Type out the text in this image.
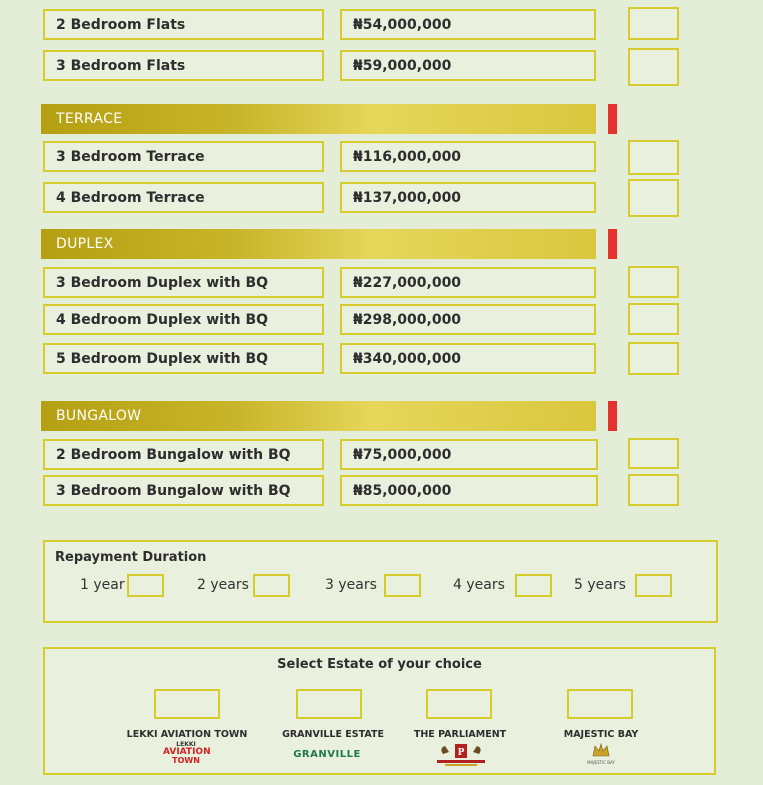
2 Bedroom Flats	₦54,000,000
3 Bedroom Flats	₦59,000,000
TERRACE
3 Bedroom Terrace	₦116,000,000
4 Bedroom Terrace	₦137,000,000
DUPLEX
3 Bedroom Duplex with BQ	₦227,000,000
4 Bedroom Duplex with BQ	₦298,000,000
5 Bedroom Duplex with BQ	₦340,000,000
BUNGALOW
2 Bedroom Bungalow with BQ	₦75,000,000
3 Bedroom Bungalow with BQ	₦85,000,000
Repayment Duration
1 year	2 years	3 years	4 years	5 years
Select Estate of your choice
LEKKI AVIATION TOWN
LEKKI
AVIATION
TOWN
GRANVILLE ESTATE
GRANVILLE
THE PARLIAMENT
P
MAJESTIC BAY
MAJESTIC BAY
